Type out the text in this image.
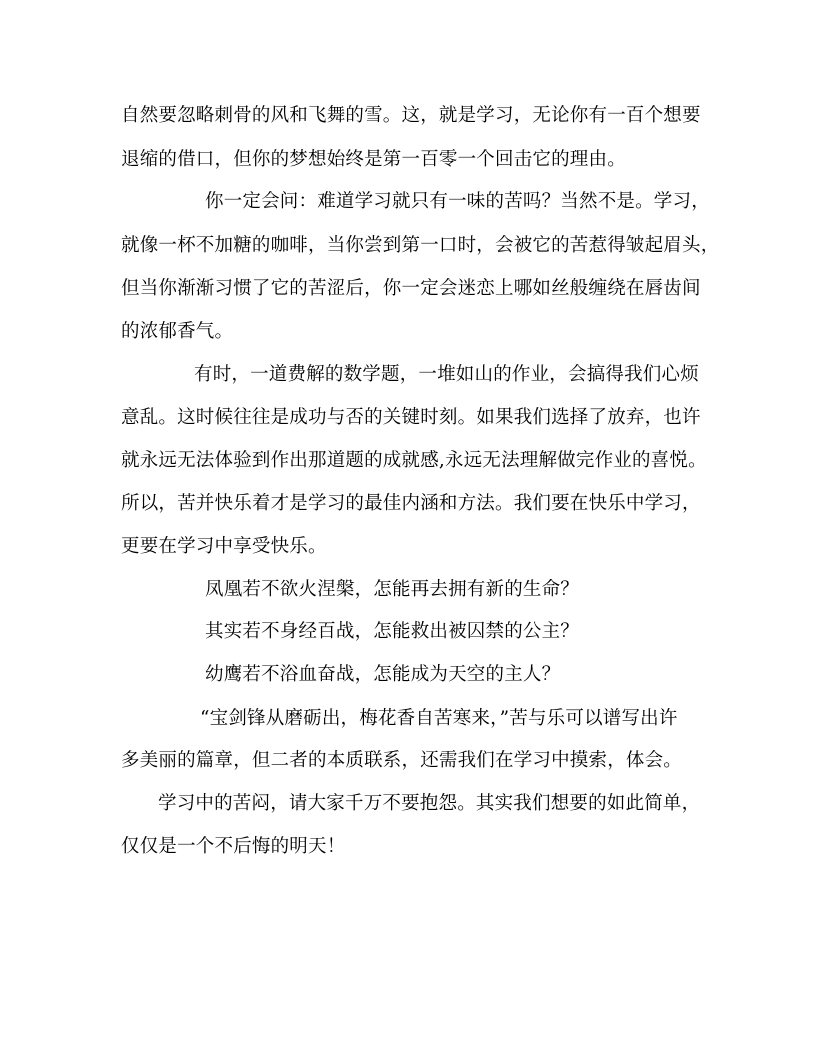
自然要忽略刺骨的风和飞舞的雪。这，就是学习，无论你有一百个想要
退缩的借口，但你的梦想始终是第一百零一个回击它的理由。
你一定会问：难道学习就只有一味的苦吗？当然不是。学习，
就像一杯不加糖的咖啡，当你尝到第一口时，会被它的苦惹得皱起眉头，
但当你渐渐习惯了它的苦涩后，你一定会迷恋上哪如丝般缠绕在唇齿间
的浓郁香气。
有时，一道费解的数学题，一堆如山的作业，会搞得我们心烦
意乱。这时候往往是成功与否的关键时刻。如果我们选择了放弃，也许
就永远无法体验到作出那道题的成就感,永远无法理解做完作业的喜悦。
所以，苦并快乐着才是学习的最佳内涵和方法。我们要在快乐中学习，
更要在学习中享受快乐。
凤凰若不欲火涅槃，怎能再去拥有新的生命？
其实若不身经百战，怎能救出被囚禁的公主？
幼鹰若不浴血奋战，怎能成为天空的主人？
“宝剑锋从磨砺出，梅花香自苦寒来，”苦与乐可以谱写出许
多美丽的篇章，但二者的本质联系，还需我们在学习中摸索，体会。
学习中的苦闷，请大家千万不要抱怨。其实我们想要的如此简单，
仅仅是一个不后悔的明天！
